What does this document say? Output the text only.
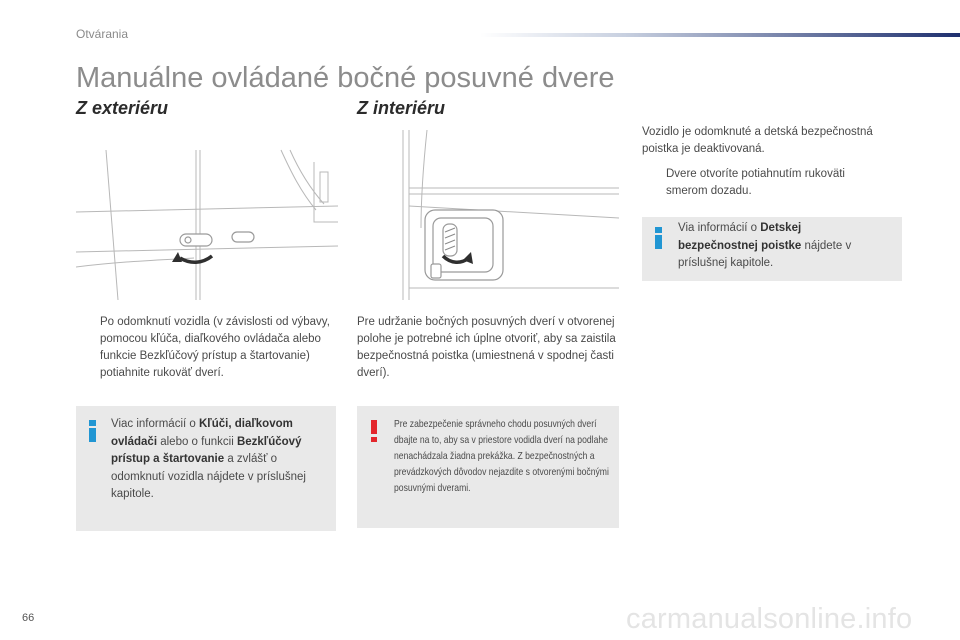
Otvárania
Manuálne ovládané bočné posuvné dvere
Z exteriéru	Z interiéru
Po odomknutí vozidla (v závislosti od výbavy, pomocou kľúča, diaľkového ovládača alebo funkcie Bezkľúčový prístup a štartovanie) potiahnite rukoväť dverí.
Viac informácií o Kľúči, diaľkovom ovládači alebo o funkcii Bezkľúčový prístup a štartovanie a zvlášť o odomknutí vozidla nájdete v príslušnej kapitole.
Pre udržanie bočných posuvných dverí v otvorenej polohe je potrebné ich úplne otvoriť, aby sa zaistila bezpečnostná poistka (umiestnená v spodnej časti dverí).
Pre zabezpečenie správneho chodu posuvných dverí dbajte na to, aby sa v priestore vodidla dverí na podlahe nenachádzala žiadna prekážka. Z bezpečnostných a prevádzkových dôvodov nejazdite s otvorenými bočnými posuvnými dverami.
Vozidlo je odomknuté a detská bezpečnostná poistka je deaktivovaná.
Dvere otvoríte potiahnutím rukoväti smerom dozadu.
Via informácií o Detskej bezpečnostnej poistke nájdete v príslušnej kapitole.
66	carmanualsonline.info
